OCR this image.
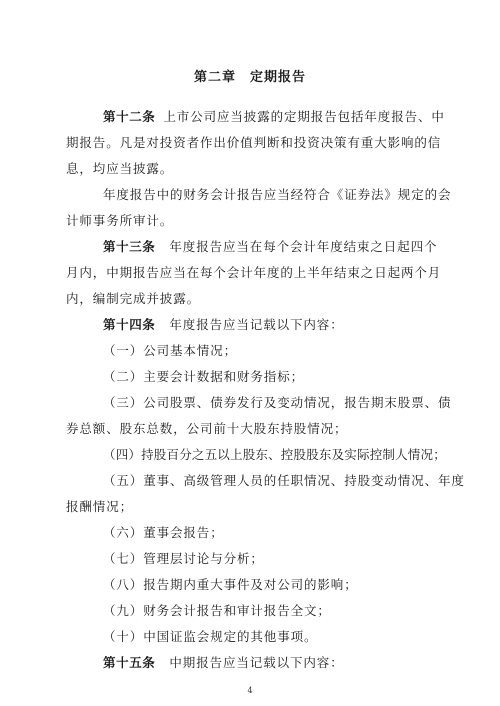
第二章　定期报告
第十二条 上市公司应当披露的定期报告包括年度报告、中
期报告。凡是对投资者作出价值判断和投资决策有重大影响的信
息，均应当披露。
年度报告中的财务会计报告应当经符合《证券法》规定的会
计师事务所审计。
第十三条 年度报告应当在每个会计年度结束之日起四个
月内，中期报告应当在每个会计年度的上半年结束之日起两个月
内，编制完成并披露。
第十四条 年度报告应当记载以下内容：
（一）公司基本情况；
（二）主要会计数据和财务指标；
（三）公司股票、债券发行及变动情况，报告期末股票、债
券总额、股东总数，公司前十大股东持股情况；
（四）持股百分之五以上股东、控股股东及实际控制人情况；
（五）董事、高级管理人员的任职情况、持股变动情况、年度
报酬情况；
（六）董事会报告；
（七）管理层讨论与分析；
（八）报告期内重大事件及对公司的影响；
（九）财务会计报告和审计报告全文；
（十）中国证监会规定的其他事项。
第十五条 中期报告应当记载以下内容：
4
